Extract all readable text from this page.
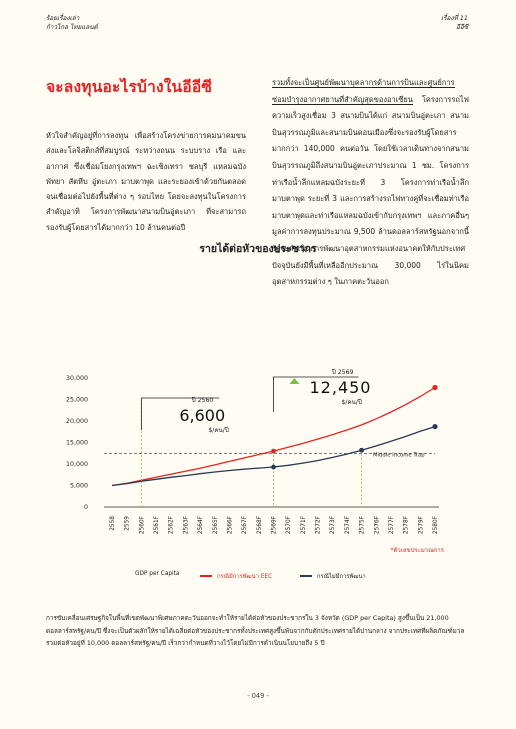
ร้อยเรื่องเล่า
ก้าวไกล ไทยแลนด์
เรื่องที่ 11
อีอีซี
จะลงทุนอะไรบ้างในอีอีซี
หัวใจสำคัญอยู่ที่การลงทุน เพื่อสร้างโครงข่ายการคมนาคมขนส่งและโลจิสติกส์ที่สมบูรณ์ ระหว่างถนน ระบบราง เรือ และอากาศ ซึ่งเชื่อมโยงกรุงเทพฯ ฉะเชิงเทรา ชลบุรี แหลมฉบัง พัทยา สัตหีบ อู่ตะเภา มาบตาพุด และระยองเข้าด้วยกันตลอดจนเชื่อมต่อไปยังพื้นที่ต่าง ๆ รอบไทย โดยจะลงทุนในโครงการสำคัญอาทิ โครงการพัฒนาสนามบินอู่ตะเภา ที่จะสามารถรองรับผู้โดยสารได้มากกว่า 10 ล้านคนต่อปี
รวมทั้งจะเป็นศูนย์พัฒนาบุคลากรด้านการบินและศูนย์การซ่อมบำรุงอากาศยานที่สำคัญสุดของอาเซียน โครงการรถไฟความเร็วสูงเชื่อม 3 สนามบินได้แก่ สนามบินอู่ตะเภา สนามบินสุวรรณภูมิและสนามบินดอนเมืองซึ่งจะรองรับผู้โดยสารมากกว่า 140,000 คนต่อวัน โดยใช้เวลาเดินทางจากสนามบินสุวรรณภูมิถึงสนามบินอู่ตะเภาประมาณ 1 ชม. โครงการท่าเรือน้ำลึกแหลมฉบังระยะที่ 3 โครงการท่าเรือน้ำลึกมาบตาพุด ระยะที่ 3 และการสร้างรถไฟทางคู่ที่จะเชื่อมท่าเรือมาบตาพุดและท่าเรือแหลมฉบังเข้ากับกรุงเทพฯ และภาคอื่นๆ มูลค่าการลงทุนประมาณ 9,500 ล้านดอลลาร์สหรัฐนอกจากนี้ รัฐจะดำเนินการพัฒนาอุตสาหกรรมแห่งอนาคตให้กับประเทศ ปัจจุบันยังมีพื้นที่เหลืออีกประมาณ 30,000 ไร่ในนิคมอุตสาหกรรมต่าง ๆ ในภาคตะวันออก
รายได้ต่อหัวของประชากร
0
5,000
10,000
15,000
20,000
25,000
30,000
2558 2559 2560F 2561F 2562F 2563F 2564F 2565F 2566F 2567F 2568F 2569F 2570F 2571F 2572F 2573F 2574F 2575F 2576F 2577F 2578F 2579F 2580F
Middle Income Trap
ปี 2560
6,600
$/คน/ปี
ปี 2569
12,450
$/คน/ปี
*ตัวเลขประมาณการ
GDP per Capita	กรณีมีการพัฒนา EEC	กรณีไม่มีการพัฒนา
การขับเคลื่อนเศรษฐกิจในพื้นที่เขตพัฒนาพิเศษภาคตะวันออกจะทำให้รายได้ต่อหัวของประชากรใน 3 จังหวัด (GDP per Capita) สูงขึ้นเป็น 21,000 ดอลลาร์สหรัฐ/คน/ปี ซึ่งจะเป็นตัวผลักให้รายได้เฉลี่ยต่อหัวของประชากรทั้งประเทศสูงขึ้นพ้นจากกับดักประเทศรายได้ปานกลาง จากประเทศที่ผลิตภัณฑ์มวลรวมต่อหัวอยู่ที่ 10,000 ดอลลาร์สหรัฐ/คน/ปี เร็วกว่ากำหนดที่วางไว้โดยไม่มีการดำเนินนโยบายถึง 5 ปี
- 049 -
